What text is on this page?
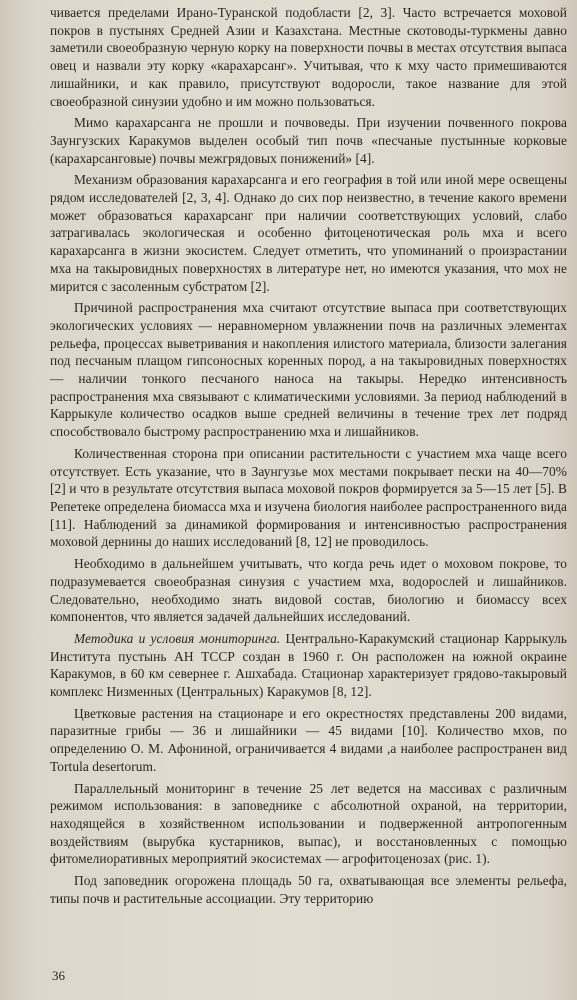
чивается пределами Ирано-Туранской подобласти [2, 3]. Часто встречается моховой покров в пустынях Средней Азии и Казахстана. Местные скотоводы-туркмены давно заметили своеобразную черную корку на поверхности почвы в местах отсутствия выпаса овец и назвали эту корку «карахарсанг». Учитывая, что к мху часто примешиваются лишайники, и как правило, присутствуют водоросли, такое название для этой своеобразной синузии удобно и им можно пользоваться.

Мимо карахарсанга не прошли и почвоведы. При изучении почвенного покрова Заунгузских Каракумов выделен особый тип почв «песчаные пустынные корковые (карахарсанговые) почвы межгрядовых понижений» [4].

Механизм образования карахарсанга и его география в той или иной мере освещены рядом исследователей [2, 3, 4]. Однако до сих пор неизвестно, в течение какого времени может образоваться карахарсанг при наличии соответствующих условий, слабо затрагивалась экологическая и особенно фитоценотическая роль мха и всего карахарсанга в жизни экосистем. Следует отметить, что упоминаний о произрастании мха на такыровидных поверхностях в литературе нет, но имеются указания, что мох не мирится с засоленным субстратом [2].

Причиной распространения мха считают отсутствие выпаса при соответствующих экологических условиях — неравномерном увлажнении почв на различных элементах рельефа, процессах выветривания и накопления илистого материала, близости залегания под песчаным плащом гипсоносных коренных пород, а на такыровидных поверхностях — наличии тонкого песчаного наноса на такыры. Нередко интенсивность распространения мха связывают с климатическими условиями. За период наблюдений в Каррыкуле количество осадков выше средней величины в течение трех лет подряд способствовало быстрому распространению мха и лишайников.

Количественная сторона при описании растительности с участием мха чаще всего отсутствует. Есть указание, что в Заунгузье мох местами покрывает пески на 40—70% [2] и что в результате отсутствия выпаса моховой покров формируется за 5—15 лет [5]. В Репетеке определена биомасса мха и изучена биология наиболее распространенного вида [11]. Наблюдений за динамикой формирования и интенсивностью распространения моховой дернины до наших исследований [8, 12] не проводилось.

Необходимо в дальнейшем учитывать, что когда речь идет о моховом покрове, то подразумевается своеобразная синузия с участием мха, водорослей и лишайников. Следовательно, необходимо знать видовой состав, биологию и биомассу всех компонентов, что является задачей дальнейших исследований.

Методика и условия мониторинга. Центрально-Каракумский стационар Каррыкуль Института пустынь АН ТССР создан в 1960 г. Он расположен на южной окраине Каракумов, в 60 км севернее г. Ашхабада. Стационар характеризует грядово-такыровый комплекс Низменных (Центральных) Каракумов [8, 12].

Цветковые растения на стационаре и его окрестностях представлены 200 видами, паразитные грибы — 36 и лишайники — 45 видами [10]. Количество мхов, по определению О. М. Афониной, ограничивается 4 видами ,а наиболее распространен вид Tortula desertorum.

Параллельный мониторинг в течение 25 лет ведется на массивах с различным режимом использования: в заповеднике с абсолютной охраной, на территории, находящейся в хозяйственном использовании и подверженной антропогенным воздействиям (вырубка кустарников, выпас), и восстановленных с помощью фитомелиоративных мероприятий экосистемах — агрофитоценозах (рис. 1).

Под заповедник огорожена площадь 50 га, охватывающая все элементы рельефа, типы почв и растительные ассоциации. Эту территорию

36
